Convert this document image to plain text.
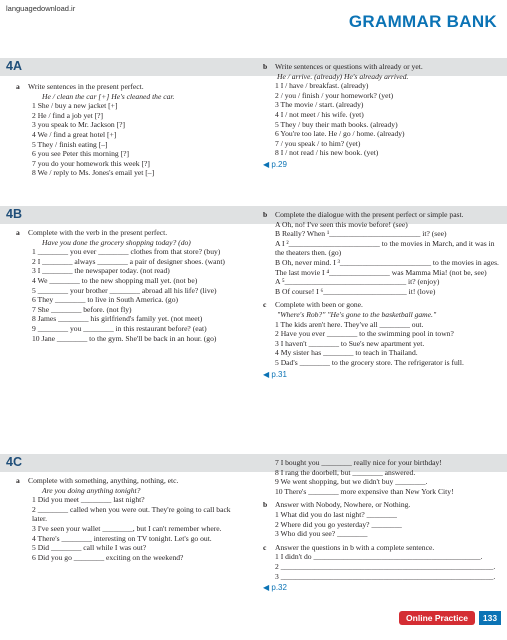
languagedownload.ir
GRAMMAR BANK
4A
a	Write sentences in the present perfect.
He / clean the car [+] He's cleaned the car.
1 She / buy a new jacket [+]
2 He / find a job yet [?]
3 you speak to Mr. Jackson [?]
4 We / find a great hotel [+]
5 They / finish eating [–]
6 you see Peter this morning [?]
7 you do your homework this week [?]
8 We / reply to Ms. Jones's email yet [–]
b	Write sentences or questions with already or yet.
He / arrive. (already) He's already arrived.
1 I / have / breakfast. (already)
2 / you / finish / your homework? (yet)
3 The movie / start. (already)
4 I / not meet / his wife. (yet)
5 They / buy their math books. (already)
6 You're too late. He / go / home. (already)
7 / you speak / to him? (yet)
8 I / not read / his new book. (yet)
◀ p.29
4B
a	Complete with the verb in the present perfect.
Have you done the grocery shopping today? (do)
1 ________ you ever ________ clothes from that store? (buy)
2 I ________ always ________ a pair of designer shoes. (want)
3 I ________ the newspaper today. (not read)
4 We ________ to the new shopping mall yet. (not be)
5 ________ your brother ________ abroad all his life? (live)
6 They ________ to live in South America. (go)
7 She ________ before. (not fly)
8 James ________ his girlfriend's family yet. (not meet)
9 ________ you ________ in this restaurant before? (eat)
10 Jane ________ to the gym. She'll be back in an hour. (go)
b	Complete the dialogue with the present perfect or simple past.
A Oh, no! I've seen this movie before! (see)
B Really? When ¹________________________ it? (see)
A I ²________________________ to the movies in March, and it was in the theaters then. (go)
B Oh, never mind. I ³________________________ to the movies in ages. The last movie I ⁴________________ was Mamma Mia! (not be, see)
A ⁵________________________________ it? (enjoy)
B Of course! I ⁶______________________ it! (love)
c	Complete with been or gone.
"Where's Rob?" "He's gone to the basketball game."
1 The kids aren't here. They've all ________ out.
2 Have you ever ________ to the swimming pool in town?
3 I haven't ________ to Sue's new apartment yet.
4 My sister has ________ to teach in Thailand.
5 Dad's ________ to the grocery store. The refrigerator is full.
◀ p.31
4C
a	Complete with something, anything, nothing, etc.
Are you doing anything tonight?
1 Did you meet ________ last night?
2 ________ called when you were out. They're going to call back later.
3 I've seen your wallet ________, but I can't remember where.
4 There's ________ interesting on TV tonight. Let's go out.
5 Did ________ call while I was out?
6 Did you go ________ exciting on the weekend?
7 I bought you ________ really nice for your birthday!
8 I rang the doorbell, but ________ answered.
9 We went shopping, but we didn't buy ________.
10 There's ________ more expensive than New York City!
b	Answer with Nobody, Nowhere, or Nothing.
1 What did you do last night? ________
2 Where did you go yesterday? ________
3 Who did you see? ________
c	Answer the questions in b with a complete sentence.
1 I didn't do ____________________________________________.
2 ________________________________________________________.
3 ________________________________________________________.
◀ p.32
Online Practice	133
